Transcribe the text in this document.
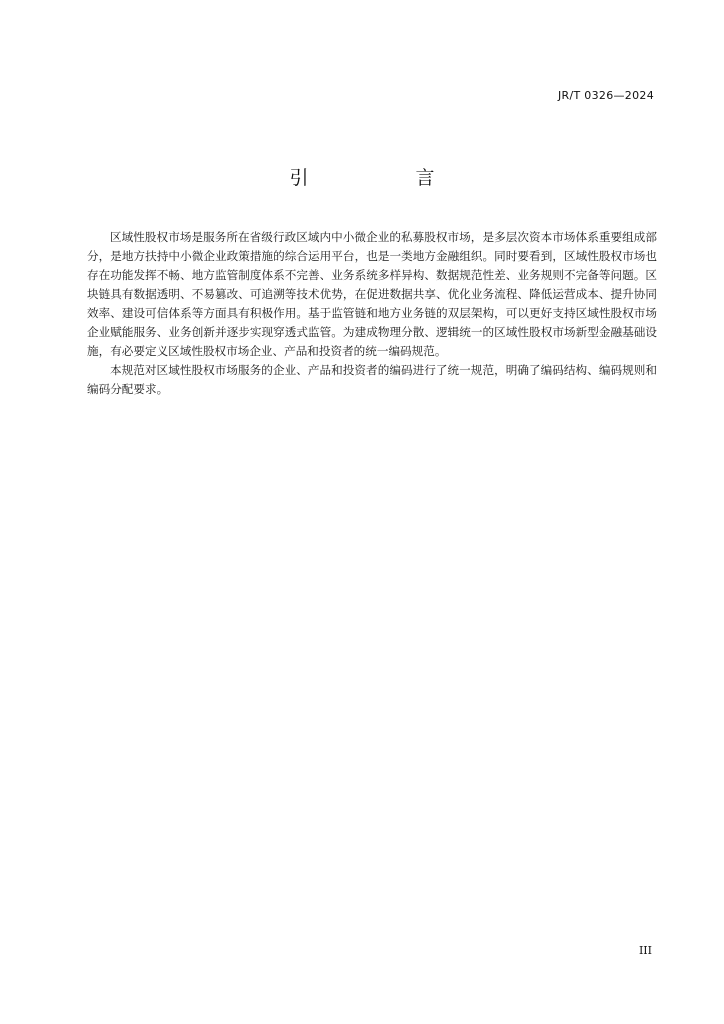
JR/T 0326—2024
引　言

区域性股权市场是服务所在省级行政区域内中小微企业的私募股权市场，是多层次资本市场体系重要组成部分，是地方扶持中小微企业政策措施的综合运用平台，也是一类地方金融组织。同时要看到，区域性股权市场也存在功能发挥不畅、地方监管制度体系不完善、业务系统多样异构、数据规范性差、业务规则不完备等问题。区块链具有数据透明、不易篡改、可追溯等技术优势，在促进数据共享、优化业务流程、降低运营成本、提升协同效率、建设可信体系等方面具有积极作用。基于监管链和地方业务链的双层架构，可以更好支持区域性股权市场企业赋能服务、业务创新并逐步实现穿透式监管。为建成物理分散、逻辑统一的区域性股权市场新型金融基础设施，有必要定义区域性股权市场企业、产品和投资者的统一编码规范。

本规范对区域性股权市场服务的企业、产品和投资者的编码进行了统一规范，明确了编码结构、编码规则和编码分配要求。

III
